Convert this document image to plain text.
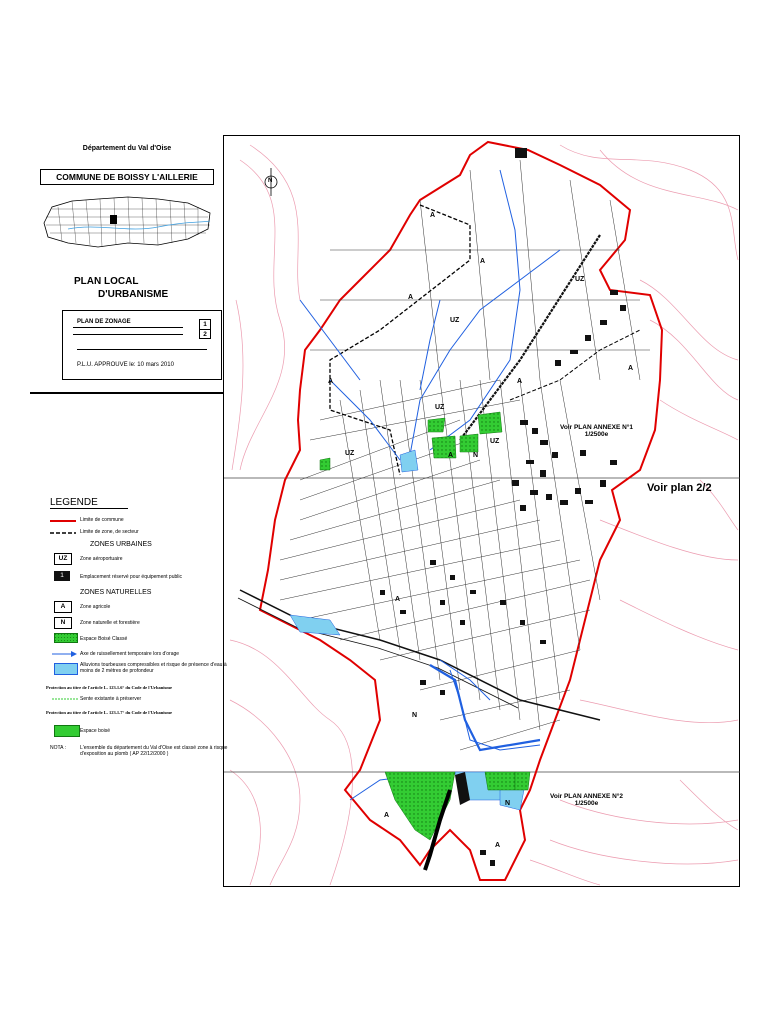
N
A
A
A
UZ
UZ
UZ
UZ
A	A
A
UZ
N
A
A
N
A
A
N
Voir plan 2/2
Voir PLAN ANNEXE N°1
1/2500e
Voir PLAN ANNEXE N°2
1/2500e
Département du Val d'Oise
COMMUNE DE BOISSY L'AILLERIE
PLAN LOCAL
D'URBANISME
PLAN DE ZONAGE	1
2
P.L.U. APPROUVE le: 10 mars 2010
LEGENDE
Limite de commune
Limite de zone, de secteur
ZONES URBAINES
UZ	Zone aéroportuaire
1	Emplacement réservé pour équipement public
ZONES NATURELLES
A	Zone agricole
N	Zone naturelle et forestière
Espace Boisé Classé
Axe de ruissellement temporaire lors d'orage
Alluvions tourbeuses compressibles et risque de présence d'eau à moins de 2 mètres de profondeur
Protection au titre de l'article L. 123.1.6° du Code de l'Urbanisme
Sente existante à préserver
Protection au titre de l'article L. 123.1.7° du Code de l'Urbanisme
Espace boisé
NOTA :	L'ensemble du département du Val d'Oise est classé zone à risque d'exposition au plomb ( AP 22/12/2000 )
